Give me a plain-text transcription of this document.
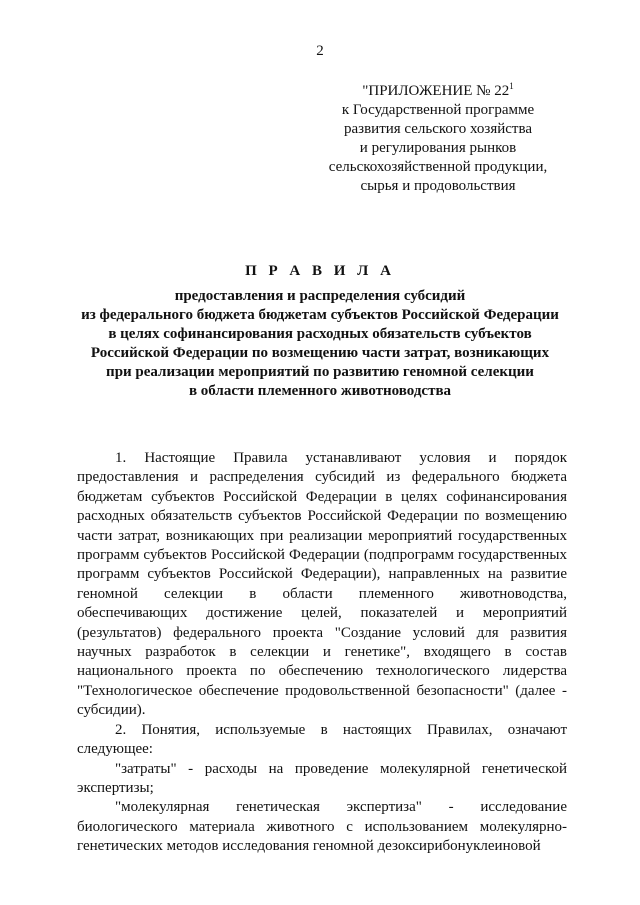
2
"ПРИЛОЖЕНИЕ № $22^1$
к Государственной программе
развития сельского хозяйства
и регулирования рынков
сельскохозяйственной продукции,
сырья и продовольствия
П Р А В И Л А
предоставления и распределения субсидий
из федерального бюджета бюджетам субъектов Российской Федерации
в целях софинансирования расходных обязательств субъектов
Российской Федерации по возмещению части затрат, возникающих
при реализации мероприятий по развитию геномной селекции
в области племенного животноводства

1. Настоящие Правила устанавливают условия и порядок предоставления и распределения субсидий из федерального бюджета бюджетам субъектов Российской Федерации в целях софинансирования расходных обязательств субъектов Российской Федерации по возмещению части затрат, возникающих при реализации мероприятий государственных программ субъектов Российской Федерации (подпрограмм государственных программ субъектов Российской Федерации), направленных на развитие геномной селекции в области племенного животноводства, обеспечивающих достижение целей, показателей и мероприятий (результатов) федерального проекта "Создание условий для развития научных разработок в селекции и генетике", входящего в состав национального проекта по обеспечению технологического лидерства "Технологическое обеспечение продовольственной безопасности" (далее - субсидии).

2. Понятия, используемые в настоящих Правилах, означают следующее:

"затраты" - расходы на проведение молекулярной генетической экспертизы;

"молекулярная генетическая экспертиза" - исследование биологического материала животного с использованием молекулярно-генетических методов исследования геномной дезоксирибонуклеиновой
